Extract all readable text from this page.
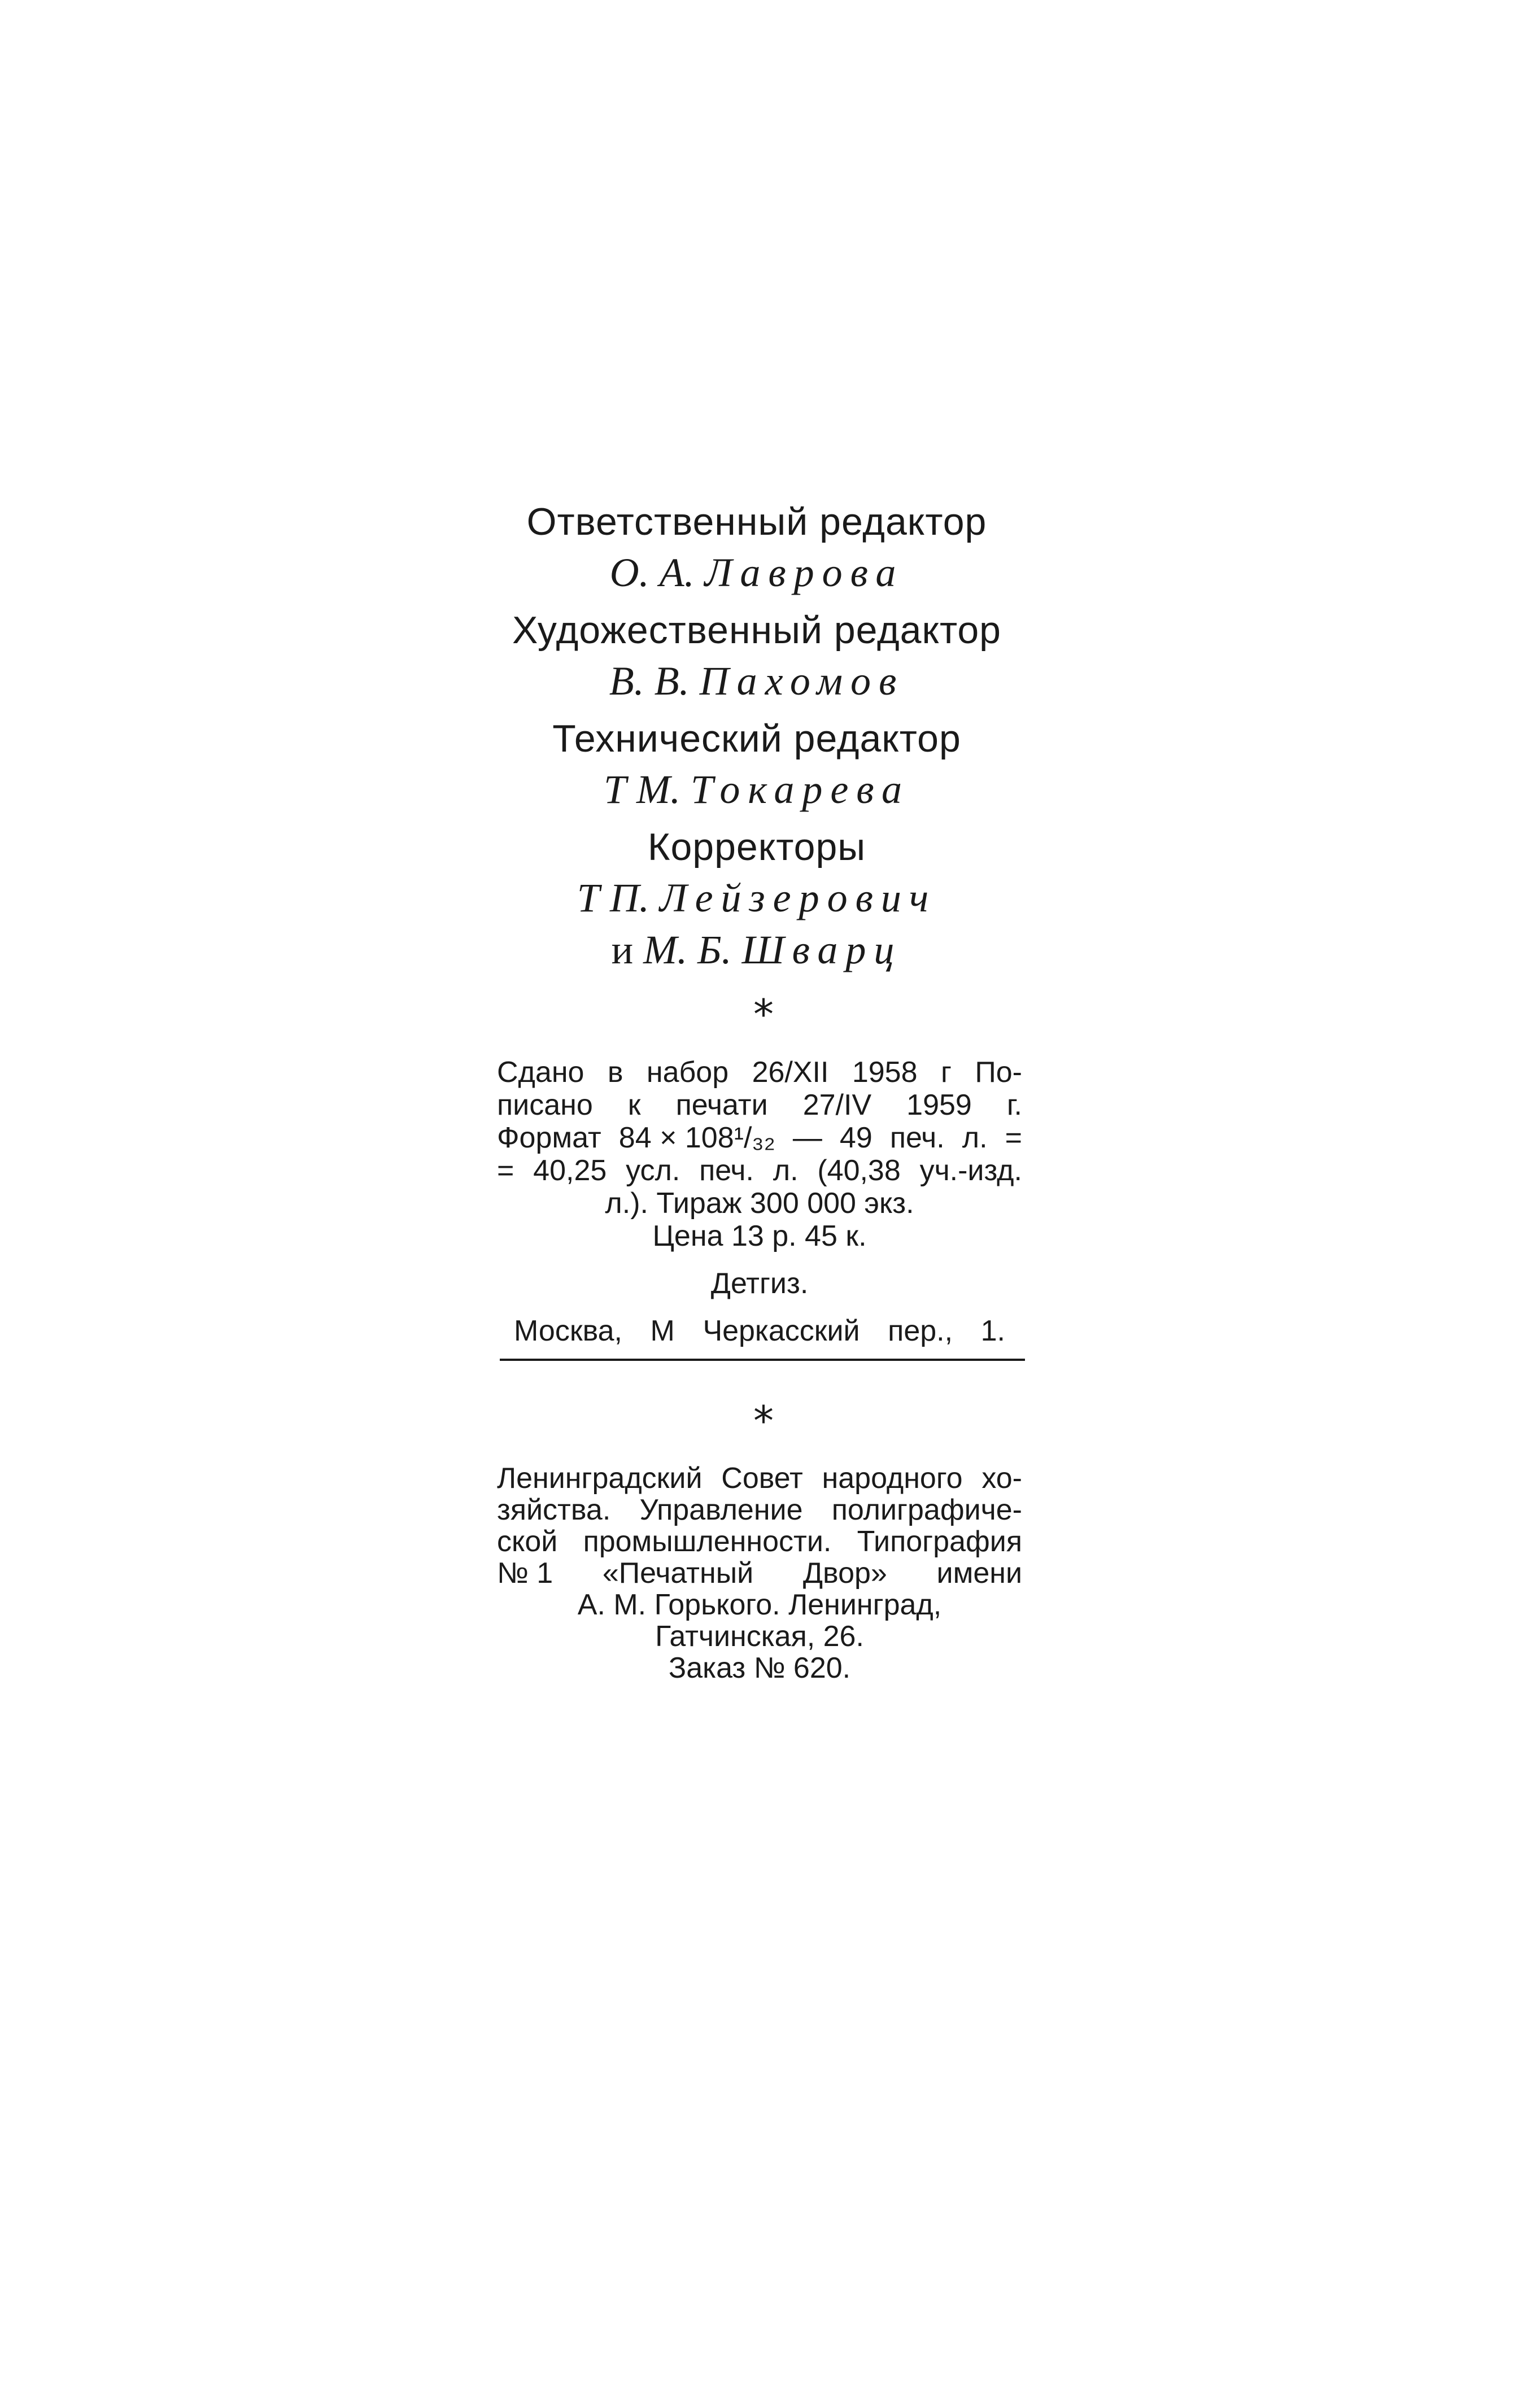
Ответственный редактор
О. А. Лаврова
Художественный редактор
В. В. Пахомов
Технический редактор
Т М. Токарева
Корректоры
Т П. Лейзерович
и М. Б. Шварц
*
Сдано в набор 26/XII 1958 г По-
писано к печати 27/IV 1959 г.
Формат 84 × 108¹/₃₂ — 49 печ. л. =
= 40,25 усл. печ. л. (40,38 уч.-изд.
л.). Тираж 300 000 экз.
Цена 13 р. 45 к.
Детгиз.
Москва, М Черкасский пер., 1.
*
Ленинградский Совет народного хо-
зяйства. Управление полиграфиче-
ской промышленности. Типография
№ 1 «Печатный Двор» имени
А. М. Горького. Ленинград,
Гатчинская, 26.
Заказ № 620.
